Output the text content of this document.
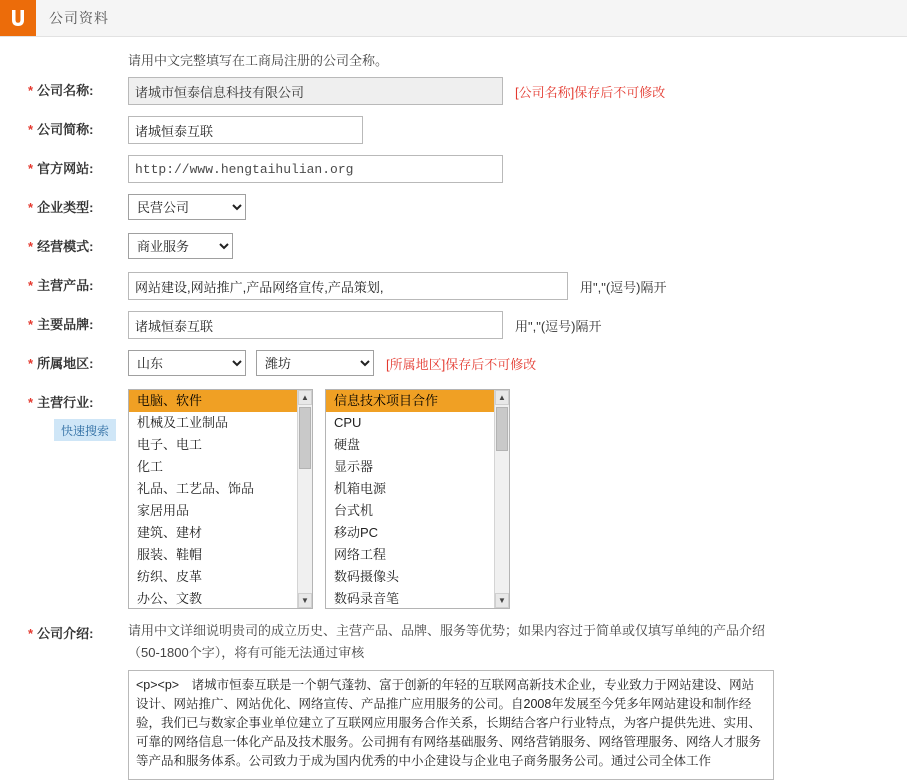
公司资料
请用中文完整填写在工商局注册的公司全称。
* 公司名称:
诸城市恒泰信息科技有限公司	[公司名称]保存后不可修改
* 公司简称:
诸城恒泰互联
* 官方网站:
http://www.hengtaihulian.org
* 企业类型:
民营公司
* 经营模式:
商业服务
* 主营产品:
网站建设,网站推广,产品网络宣传,产品策划,	用","(逗号)隔开
* 主要品牌:
诸城恒泰互联	用","(逗号)隔开
* 所属地区:
山东
潍坊	[所属地区]保存后不可修改
* 主营行业:
快速搜索
电脑、软件
机械及工业制品
电子、电工
化工
礼品、工艺品、饰品
家居用品
建筑、建材
服装、鞋帽
纺织、皮革
办公、文教
▲
▼
信息技术项目合作
CPU
硬盘
显示器
机箱电源
台式机
移动PC
网络工程
数码摄像头
数码录音笔
▲
▼
* 公司介绍:	请用中文详细说明贵司的成立历史、主营产品、品牌、服务等优势；如果内容过于简单或仅填写单纯的产品介绍
（50-1800个字），将有可能无法通过审核
<p><p>　诸城市恒泰互联是一个朝气蓬勃、富于创新的年轻的互联网高新技术企业，专业致力于网站建设、网站设计、网站推广、网站优化、网络宣传、产品推广应用服务的公司。自2008年发展至今凭多年网站建设和制作经验，我们已与数家企事业单位建立了互联网应用服务合作关系，长期结合客户行业特点，为客户提供先进、实用、可靠的网络信息一体化产品及技术服务。公司拥有有网络基础服务、网络营销服务、网络管理服务、网络人才服务等产品和服务体系。公司致力于成为国内优秀的中小企建设与企业电子商务服务公司。通过公司全体工作
